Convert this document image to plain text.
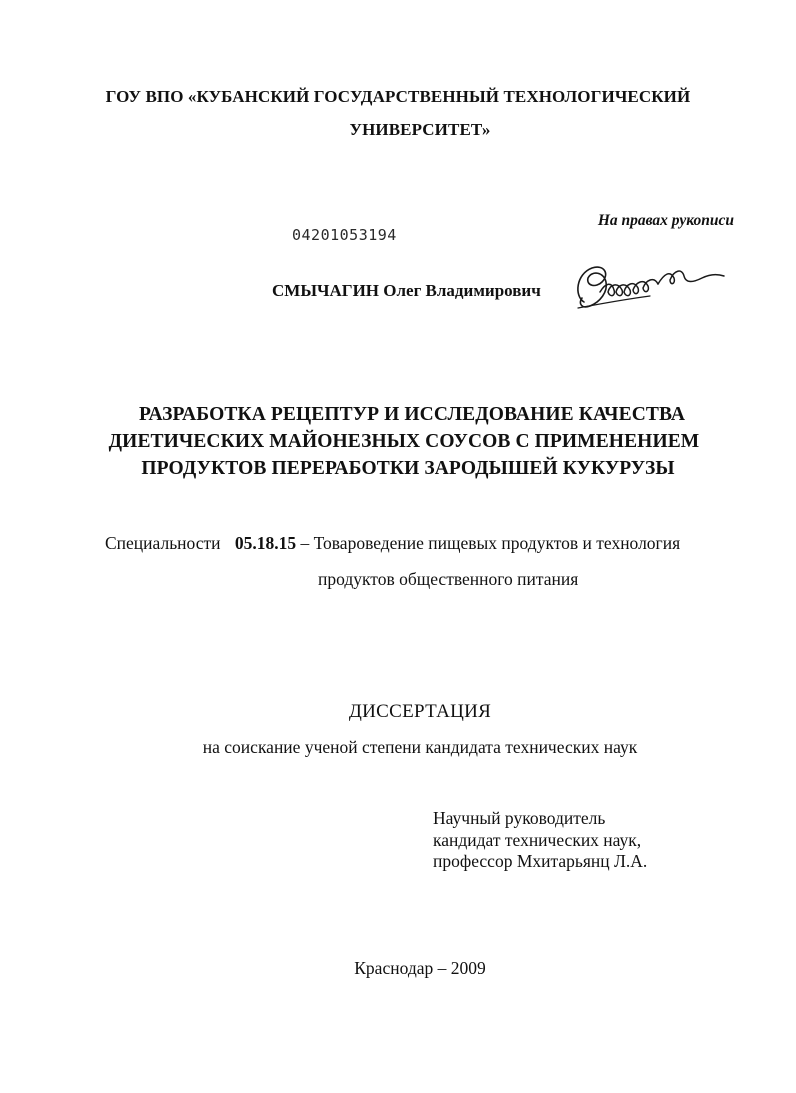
ГОУ ВПО «КУБАНСКИЙ ГОСУДАРСТВЕННЫЙ ТЕХНОЛОГИЧЕСКИЙ
УНИВЕРСИТЕТ»
На правах рукописи
04201053194
СМЫЧАГИН Олег Владимирович
РАЗРАБОТКА РЕЦЕПТУР И ИССЛЕДОВАНИЕ КАЧЕСТВА
ДИЕТИЧЕСКИХ МАЙОНЕЗНЫХ СОУСОВ С ПРИМЕНЕНИЕМ
ПРОДУКТОВ ПЕРЕРАБОТКИ ЗАРОДЫШЕЙ КУКУРУЗЫ
Специальности 05.18.15 – Товароведение пищевых продуктов и технология
продуктов общественного питания
ДИССЕРТАЦИЯ
на соискание ученой степени кандидата технических наук
Научный руководитель
кандидат технических наук,
профессор Мхитарьянц Л.А.
Краснодар – 2009
